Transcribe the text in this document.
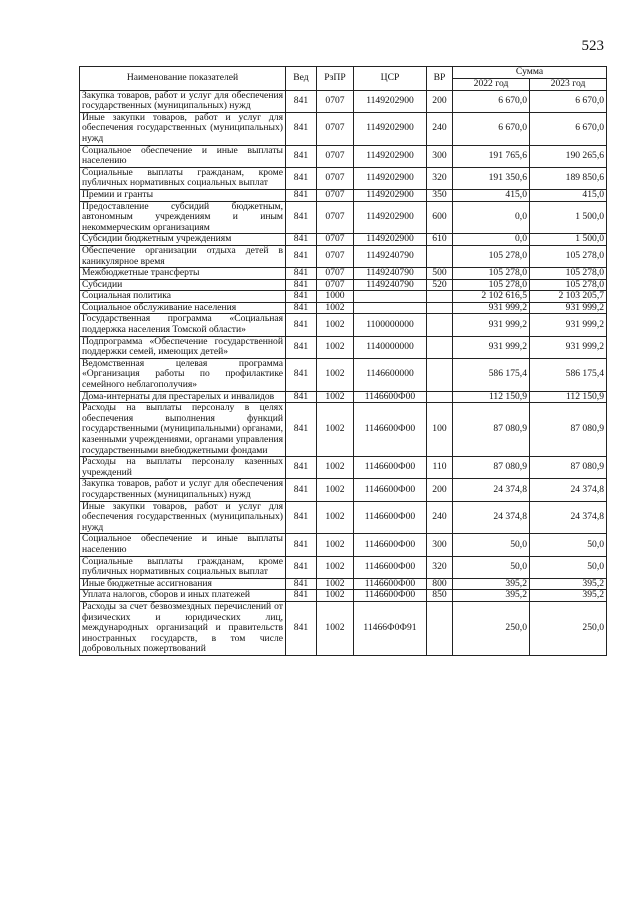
523
Наименование показателей	Вед	РзПР	ЦСР	ВР	Сумма	
					2022 год	2023 год
Закупка товаров, работ и услуг для обеспечения государственных (муниципальных) нужд	841	0707	1149202900	200	6 670,0	6 670,0
Иные закупки товаров, работ и услуг для обеспечения государственных (муниципальных) нужд	841	0707	1149202900	240	6 670,0	6 670,0
Социальное обеспечение и иные выплаты населению	841	0707	1149202900	300	191 765,6	190 265,6
Социальные выплаты гражданам, кроме публичных нормативных социальных выплат	841	0707	1149202900	320	191 350,6	189 850,6
Премии и гранты	841	0707	1149202900	350	415,0	415,0
Предоставление субсидий бюджетным, автономным учреждениям и иным некоммерческим организациям	841	0707	1149202900	600	0,0	1 500,0
Субсидии бюджетным учреждениям	841	0707	1149202900	610	0,0	1 500,0
Обеспечение организации отдыха детей в каникулярное время	841	0707	1149240790		105 278,0	105 278,0
Межбюджетные трансферты	841	0707	1149240790	500	105 278,0	105 278,0
Субсидии	841	0707	1149240790	520	105 278,0	105 278,0
Социальная политика	841	1000			2 102 616,5	2 103 205,7
Социальное обслуживание населения	841	1002			931 999,2	931 999,2
Государственная программа «Социальная поддержка населения Томской области»	841	1002	1100000000		931 999,2	931 999,2
Подпрограмма «Обеспечение государственной поддержки семей, имеющих детей»	841	1002	1140000000		931 999,2	931 999,2
Ведомственная целевая программа «Организация работы по профилактике семейного неблагополучия»	841	1002	1146600000		586 175,4	586 175,4
Дома-интернаты для престарелых и инвалидов	841	1002	1146600Ф00		112 150,9	112 150,9
Расходы на выплаты персоналу в целях обеспечения выполнения функций государственными (муниципальными) органами, казенными учреждениями, органами управления государственными внебюджетными фондами	841	1002	1146600Ф00	100	87 080,9	87 080,9
Расходы на выплаты персоналу казенных учреждений	841	1002	1146600Ф00	110	87 080,9	87 080,9
Закупка товаров, работ и услуг для обеспечения государственных (муниципальных) нужд	841	1002	1146600Ф00	200	24 374,8	24 374,8
Иные закупки товаров, работ и услуг для обеспечения государственных (муниципальных) нужд	841	1002	1146600Ф00	240	24 374,8	24 374,8
Социальное обеспечение и иные выплаты населению	841	1002	1146600Ф00	300	50,0	50,0
Социальные выплаты гражданам, кроме публичных нормативных социальных выплат	841	1002	1146600Ф00	320	50,0	50,0
Иные бюджетные ассигнования	841	1002	1146600Ф00	800	395,2	395,2
Уплата налогов, сборов и иных платежей	841	1002	1146600Ф00	850	395,2	395,2
Расходы за счет безвозмездных перечислений от физических и юридических лиц, международных организаций и правительств иностранных государств, в том числе добровольных пожертвований	841	1002	11466Ф0Ф91		250,0	250,0
